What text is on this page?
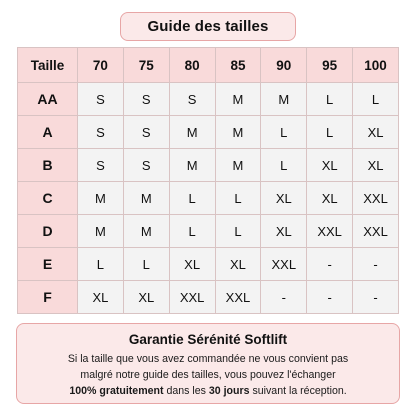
Guide des tailles
Taille	70	75	80	85	90	95	100
AA	S	S	S	M	M	L	L
A	S	S	M	M	L	L	XL
B	S	S	M	M	L	XL	XL
C	M	M	L	L	XL	XL	XXL
D	M	M	L	L	XL	XXL	XXL
E	L	L	XL	XL	XXL	-	-
F	XL	XL	XXL	XXL	-	-	-
Garantie Sérénité Softlift
Si la taille que vous avez commandée ne vous convient pas
malgré notre guide des tailles, vous pouvez l'échanger
100% gratuitement dans les 30 jours suivant la réception.
